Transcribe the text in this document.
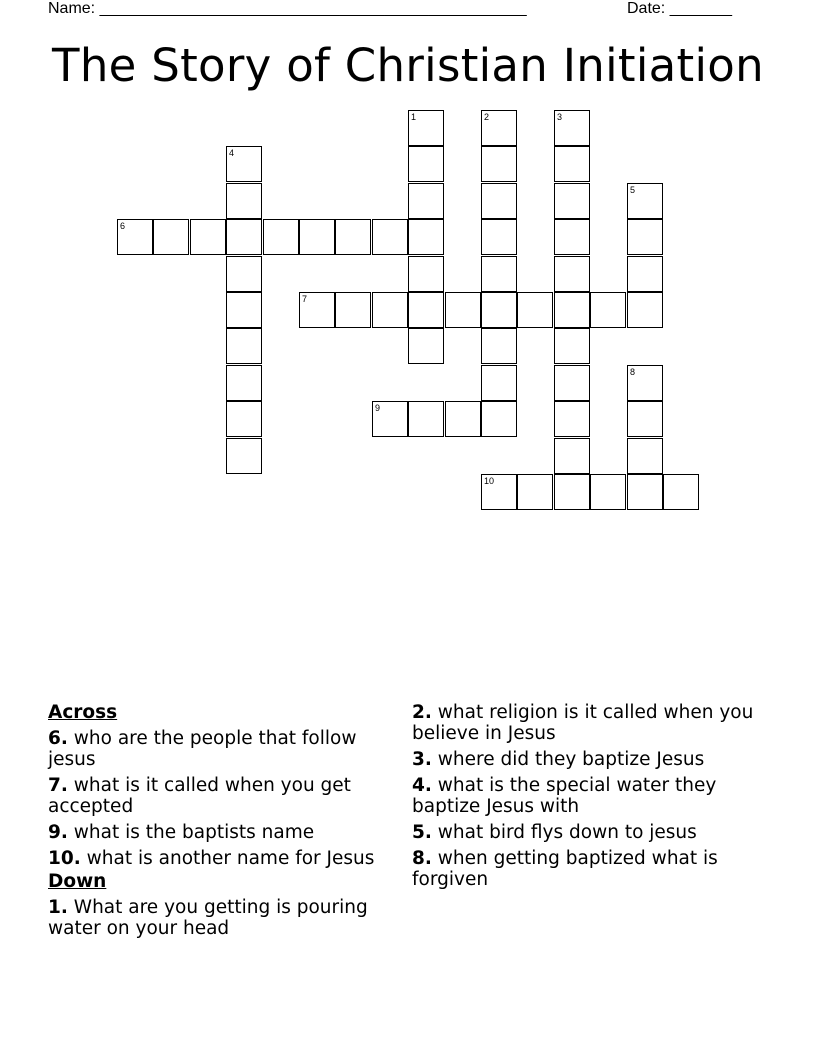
Name: ________________________________________________	Date: _______
The Story of Christian Initiation
1	2	3
4
5
6
7
8
9
10
Across
6. who are the people that follow jesus
7. what is it called when you get accepted
9. what is the baptists name
10. what is another name for Jesus
Down
1. What are you getting is pouring water on your head
2. what religion is it called when you believe in Jesus
3. where did they baptize Jesus
4. what is the special water they baptize Jesus with
5. what bird flys down to jesus
8. when getting baptized what is forgiven
